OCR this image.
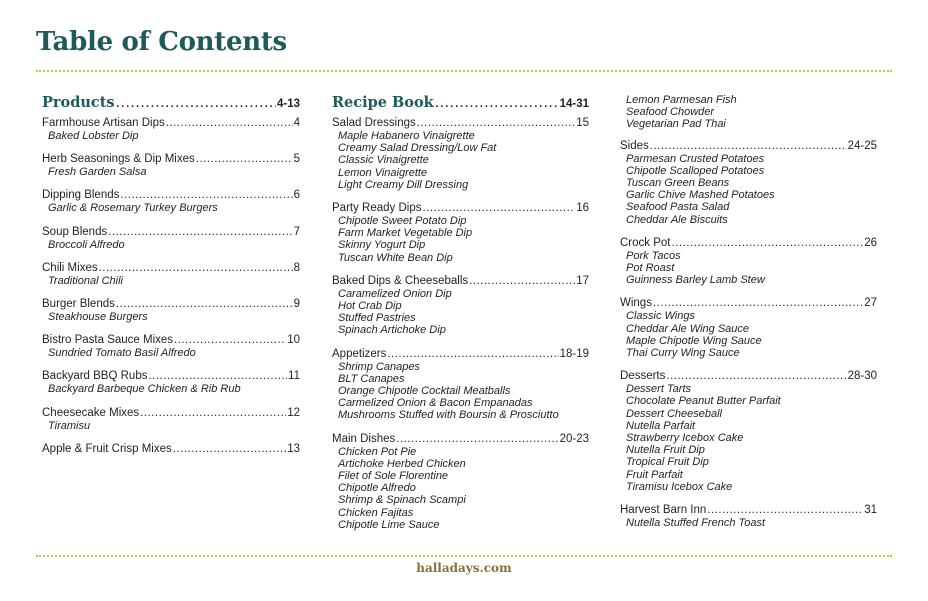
Table of Contents
Products .....	4-13
Farmhouse Artisan Dips .....	4
Baked Lobster Dip
Herb Seasonings & Dip Mixes .....	5
Fresh Garden Salsa
Dipping Blends .....	6
Garlic & Rosemary Turkey Burgers
Soup Blends .....	7
Broccoli Alfredo
Chili Mixes .....	8
Traditional Chili
Burger Blends .....	9
Steakhouse Burgers
Bistro Pasta Sauce Mixes .....	10
Sundried Tomato Basil Alfredo
Backyard BBQ Rubs .....	11
Backyard Barbeque Chicken & Rib Rub
Cheesecake Mixes .....	12
Tiramisu
Apple & Fruit Crisp Mixes .....	13
Recipe Book .....	14-31
Salad Dressings .....	15
Maple Habanero Vinaigrette
Creamy Salad Dressing/Low Fat
Classic Vinaigrette
Lemon Vinaigrette
Light Creamy Dill Dressing
Party Ready Dips .....	16
Chipotle Sweet Potato Dip
Farm Market Vegetable Dip
Skinny Yogurt Dip
Tuscan White Bean Dip
Baked Dips & Cheeseballs .....	17
Caramelized Onion Dip
Hot Crab Dip
Stuffed Pastries
Spinach Artichoke Dip
Appetizers .....	18-19
Shrimp Canapes
BLT Canapes
Orange Chipotle Cocktail Meatballs
Carmelized Onion & Bacon Empanadas
Mushrooms Stuffed with Boursin & Prosciutto
Main Dishes .....	20-23
Chicken Pot Pie
Artichoke Herbed Chicken
Filet of Sole Florentine
Chipotle Alfredo
Shrimp & Spinach Scampi
Chicken Fajitas
Chipotle Lime Sauce
Lemon Parmesan Fish
Seafood Chowder
Vegetarian Pad Thai
Sides .....	24-25
Parmesan Crusted Potatoes
Chipotle Scalloped Potatoes
Tuscan Green Beans
Garlic Chive Mashed Potatoes
Seafood Pasta Salad
Cheddar Ale Biscuits
Crock Pot .....	26
Pork Tacos
Pot Roast
Guinness Barley Lamb Stew
Wings .....	27
Classic Wings
Cheddar Ale Wing Sauce
Maple Chipotle Wing Sauce
Thai Curry Wing Sauce
Desserts .....	28-30
Dessert Tarts
Chocolate Peanut Butter Parfait
Dessert Cheeseball
Nutella Parfait
Strawberry Icebox Cake
Nutella Fruit Dip
Tropical Fruit Dip
Fruit Parfait
Tiramisu Icebox Cake
Harvest Barn Inn .....	31
Nutella Stuffed French Toast
halladays.com
